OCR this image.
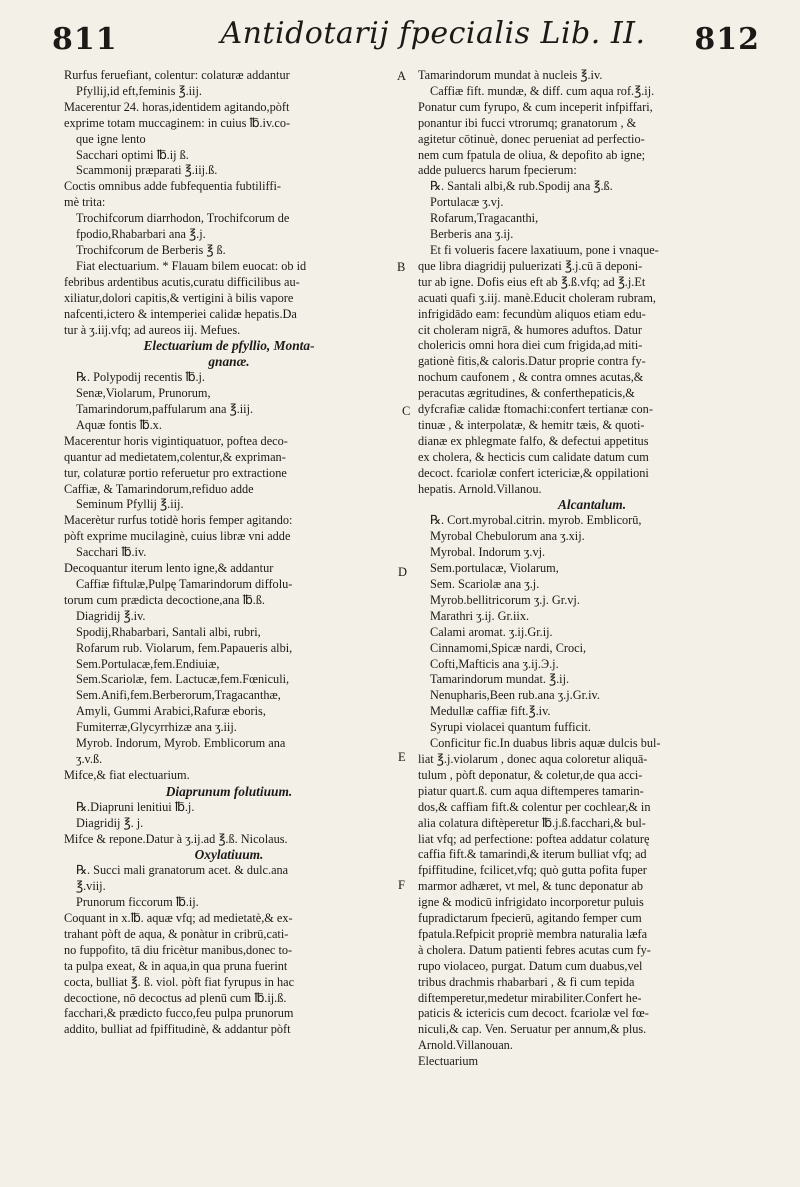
811	Antidotarij fpecialis Lib. II.	812
Rurfus feruefiant, colentur: colaturæ addantur
Pfyllij,id eft,feminis ℥.iij.
Macerentur 24. horas,identidem agitando,pòft
exprime totam muccaginem: in cuius ℔.iv.co-
que igne lento
Sacchari optimi ℔.ij ß.
Scammonij præparati ℥.iij.ß.
Coctis omnibus adde fubfequentia fubtiliffi-
mè trita:
Trochifcorum diarrhodon, Trochifcorum de
fpodio,Rhabarbari ana ℥.j.
Trochifcorum de Berberis ℥ ß.
Fiat electuarium. * Flauam bilem euocat: ob id
febribus ardentibus acutis,curatu difficilibus au-
xiliatur,dolori capitis,& vertigini à bilis vapore
nafcenti,ictero & intemperiei calidæ hepatis.Da
tur à ʒ.iij.vfq; ad aureos iij. Mefues.
Electuarium de pfyllio, Monta-
gnanæ.
℞. Polypodij recentis ℔.j.
Senæ,Violarum, Prunorum,
Tamarindorum,paffularum ana ℥.iij.
Aquæ fontis ℔.x.
Macerentur horis vigintiquatuor, poftea deco-
quantur ad medietatem,colentur,& expriman-
tur, colaturæ portio referuetur pro extractione
Caffiæ, & Tamarindorum,refiduo adde
Seminum Pfyllij ℥.iij.
Macerètur rurfus totidè horis femper agitando:
pòft exprime mucilaginè, cuius libræ vni adde
Sacchari ℔.iv.
Decoquantur iterum lento igne,& addantur
Caffiæ fiftulæ,Pulpę Tamarindorum diffolu-
torum cum prædicta decoctione,ana ℔.ß.
Diagridij ℥.iv.
Spodij,Rhabarbari, Santali albi, rubri,
Rofarum rub. Violarum, fem.Papaueris albi,
Sem.Portulacæ,fem.Endiuiæ,
Sem.Scariolæ, fem. Lactucæ,fem.Fœniculi,
Sem.Anifi,fem.Berberorum,Tragacanthæ,
Amyli, Gummi Arabici,Rafuræ eboris,
Fumiterræ,Glycyrrhizæ ana ʒ.iij.
Myrob. Indorum, Myrob. Emblicorum ana
ʒ.v.ß.
Mifce,& fiat electuarium.
Diaprunum folutiuum.
℞.Diapruni lenitiui ℔.j.
Diagridij ℥. j.
Mifce & repone.Datur à ʒ.ij.ad ℥.ß. Nicolaus.
Oxylatiuum.
℞. Succi mali granatorum acet. & dulc.ana
℥.viij.
Prunorum ficcorum ℔.ij.
Coquant in x.℔. aquæ vfq; ad medietatè,& ex-
trahant pòft de aqua, & ponàtur in cribrū,cati-
no fuppofito, tā diu fricètur manibus,donec to-
ta pulpa exeat, & in aqua,in qua pruna fuerint
cocta, bulliat ℥. ß. viol. pòft fiat fyrupus in hac
decoctione, nō decoctus ad plenū cum ℔.ij.ß.
facchari,& prædicto fucco,feu pulpa prunorum
addito, bulliat ad fpiffitudinè, & addantur pòft
Tamarindorum mundat à nucleis ℥.iv.
Caffiæ fift. mundæ, & diff. cum aqua rof.℥.ij.
Ponatur cum fyrupo, & cum inceperit infpiffari,
ponantur ibi fucci vtrorumq; granatorum , &
agitetur cōtinuè, donec perueniat ad perfectio-
nem cum fpatula de oliua, & depofito ab igne;
adde puluercs harum fpecierum:
℞. Santali albi,& rub.Spodij ana ℥.ß.
Portulacæ ʒ.vj.
Rofarum,Tragacanthi,
Berberis ana ʒ.ij.
Et fi volueris facere laxatiuum, pone i vnaque-
que libra diagridij puluerizati ℥.j.cū ā deponi-
tur ab igne. Dofis eius eft ab ℥.ß.vfq; ad ℥.j.Et
acuati quafi ʒ.iij. manè.Educit choleram rubram,
infrigidādo eam: fecundùm aliquos etiam edu-
cit choleram nigrā, & humores aduftos. Datur
cholericis omni hora diei cum frigida,ad miti-
gationè fitis,& caloris.Datur proprie contra fy-
nochum caufonem , & contra omnes acutas,&
peracutas ægritudines, & conferthepaticis,&
dyfcrafiæ calidæ ftomachi:confert tertianæ con-
tinuæ , & interpolatæ, & hemitr tæis, & quoti-
dianæ ex phlegmate falfo, & defectui appetitus
ex cholera, & hecticis cum calidate datum cum
decoct. fcariolæ confert ictericiæ,& oppilationi
hepatis. Arnold.Villanou.
Alcantalum.
℞. Cort.myrobal.citrin. myrob. Emblicorū,
Myrobal Chebulorum ana ʒ.xij.
Myrobal. Indorum ʒ.vj.
Sem.portulacæ, Violarum,
Sem. Scariolæ ana ʒ.j.
Myrob.bellitricorum ʒ.j. Gr.vj.
Marathri ʒ.ij. Gr.iix.
Calami aromat. ʒ.ij.Gr.ij.
Cinnamomi,Spicæ nardi, Croci,
Cofti,Mafticis ana ʒ.ij.Э.j.
Tamarindorum mundat. ℥.ij.
Nenupharis,Been rub.ana ʒ.j.Gr.iv.
Medullæ caffiæ fift.℥.iv.
Syrupi violacei quantum fufficit.
Conficitur fic.In duabus libris aquæ dulcis bul-
liat ℥.j.violarum , donec aqua coloretur aliquā-
tulum , pòft deponatur, & coletur,de qua acci-
piatur quart.ß. cum aqua diftemperes tamarin-
dos,& caffiam fift.& colentur per cochlear,& in
alia colatura diftèperetur ℔.j.ß.facchari,& bul-
liat vfq; ad perfectione: poftea addatur colaturę
caffia fift.& tamarindi,& iterum bulliat vfq; ad
fpiffitudine, fcilicet,vfq; quò gutta pofita fuper
marmor adhæret, vt mel, & tunc deponatur ab
igne & modicū infrigidato incorporetur puluis
fupradictarum fpecierū, agitando femper cum
fpatula.Refpicit propriè membra naturalia læfa
à cholera. Datum patienti febres acutas cum fy-
rupo violaceo, purgat. Datum cum duabus,vel
tribus drachmis rhabarbari , & fi cum tepida
diftemperetur,medetur mirabiliter.Confert he-
paticis & ictericis cum decoct. fcariolæ vel fœ-
niculi,& cap. Ven. Seruatur per annum,& plus.
Arnold.Villanouan.
Electuarium
A
B
C
D
E
F
